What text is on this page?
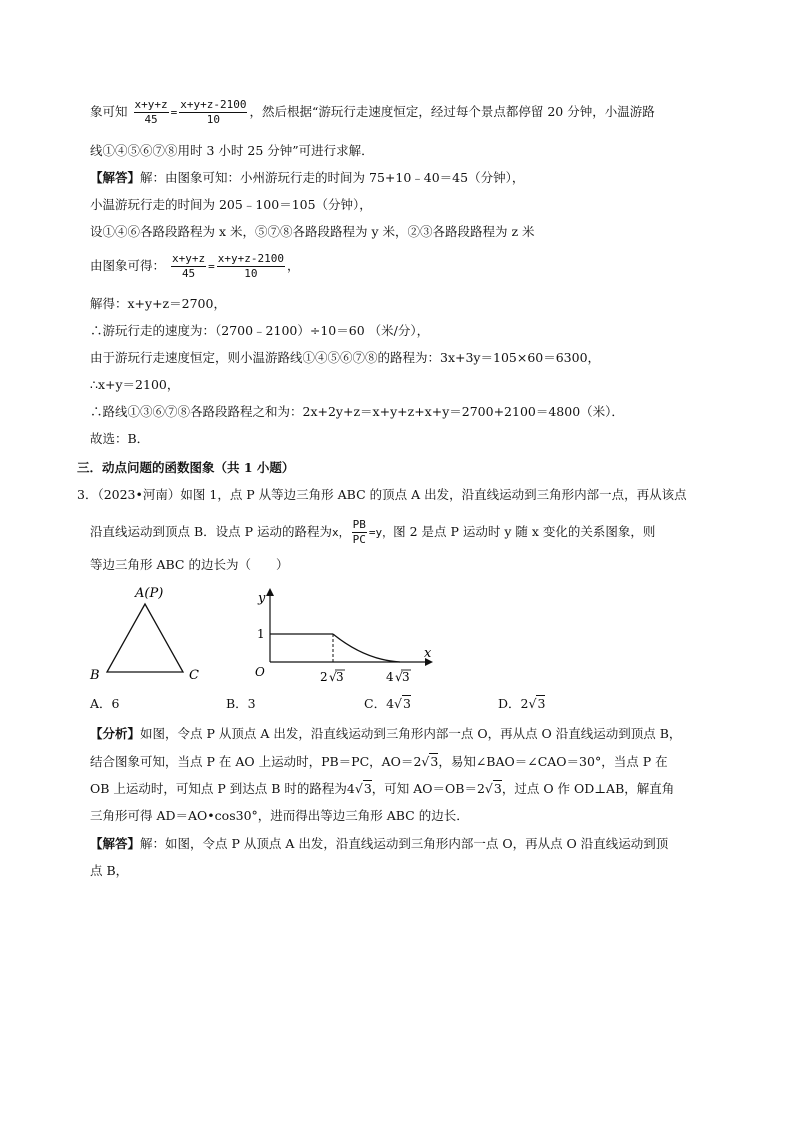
象可知 $\frac{x+y+z}{45} = \frac{x+y+z-2100}{10}$ ，然后根据“游玩行走速度恒定，经过每个景点都停留 20 分钟，小温游路
线①④⑤⑥⑦⑧用时 3 小时 25 分钟”可进行求解．
【解答】解：由图象可知：小州游玩行走的时间为 75+10﹣40＝45（分钟），
小温游玩行走的时间为 205﹣100＝105（分钟），
设①④⑥各路段路程为 x 米，⑤⑦⑧各路段路程为 y 米，②③各路段路程为 z 米
由图象可得： $\frac{x+y+z}{45} = \frac{x+y+z-2100}{10}$ ，
解得：x+y+z＝2700，
∴游玩行走的速度为：（2700﹣2100）÷10＝60 （米/分），
由于游玩行走速度恒定，则小温游路线①④⑤⑥⑦⑧的路程为：3x+3y＝105×60＝6300，
∴x+y＝2100，
∴路线①③⑥⑦⑧各路段路程之和为：2x+2y+z＝x+y+z+x+y＝2700+2100＝4800（米）．
故选：B．
三．动点问题的函数图象（共 1 小题）
3．（2023•河南）如图 1，点 P 从等边三角形 ABC 的顶点 A 出发，沿直线运动到三角形内部一点，再从该点
沿直线运动到顶点 B．设点 P 运动的路程为x， $\frac{PB}{PC} =y$，图 2 是点 P 运动时 y 随 x 变化的关系图象，则
等边三角形 ABC 的边长为（　　）
A(P)
B	C
y
x
O
1
2 √ 3	4 √ 3
A．6	B．3	C．4√3	D．2√3
【分析】如图，令点 P 从顶点 A 出发，沿直线运动到三角形内部一点 O，再从点 O 沿直线运动到顶点 B，
结合图象可知，当点 P 在 AO 上运动时，PB＝PC，AO＝2√3，易知∠BAO＝∠CAO＝30°，当点 P 在
OB 上运动时，可知点 P 到达点 B 时的路程为4√3，可知 AO＝OB＝2√3，过点 O 作 OD⊥AB，解直角
三角形可得 AD＝AO•cos30°，进而得出等边三角形 ABC 的边长．
【解答】解：如图，令点 P 从顶点 A 出发，沿直线运动到三角形内部一点 O，再从点 O 沿直线运动到顶
点 B，
